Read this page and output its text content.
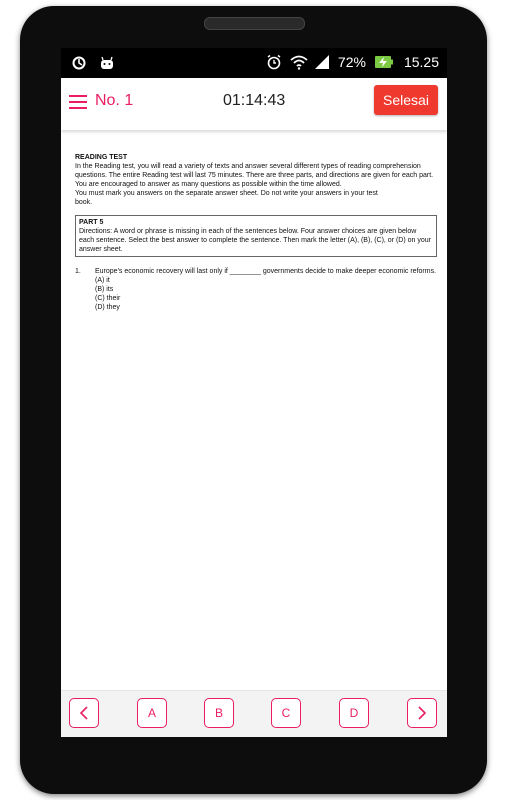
72%	15.25
No. 1	01:14:43	Selesai
READING TEST
In the Reading test, you will read a variety of texts and answer several different types of reading comprehension
questions. The entire Reading test will last 75 minutes. There are three parts, and directions are given for each part.
You are encouraged to answer as many questions as possible within the time allowed.
You must mark you answers on the separate answer sheet. Do not write your answers in your test
book.
PART 5
Directions: A word or phrase is missing in each of the sentences below. Four answer choices are given below each sentence. Select the best answer to complete the sentence. Then mark the letter (A), (B), (C), or (D) on your answer sheet.
1.	Europe's economic recovery will last only if ________ governments decide to make deeper economic reforms.
(A) it
(B) its
(C) their
(D) they
A	B	C	D
